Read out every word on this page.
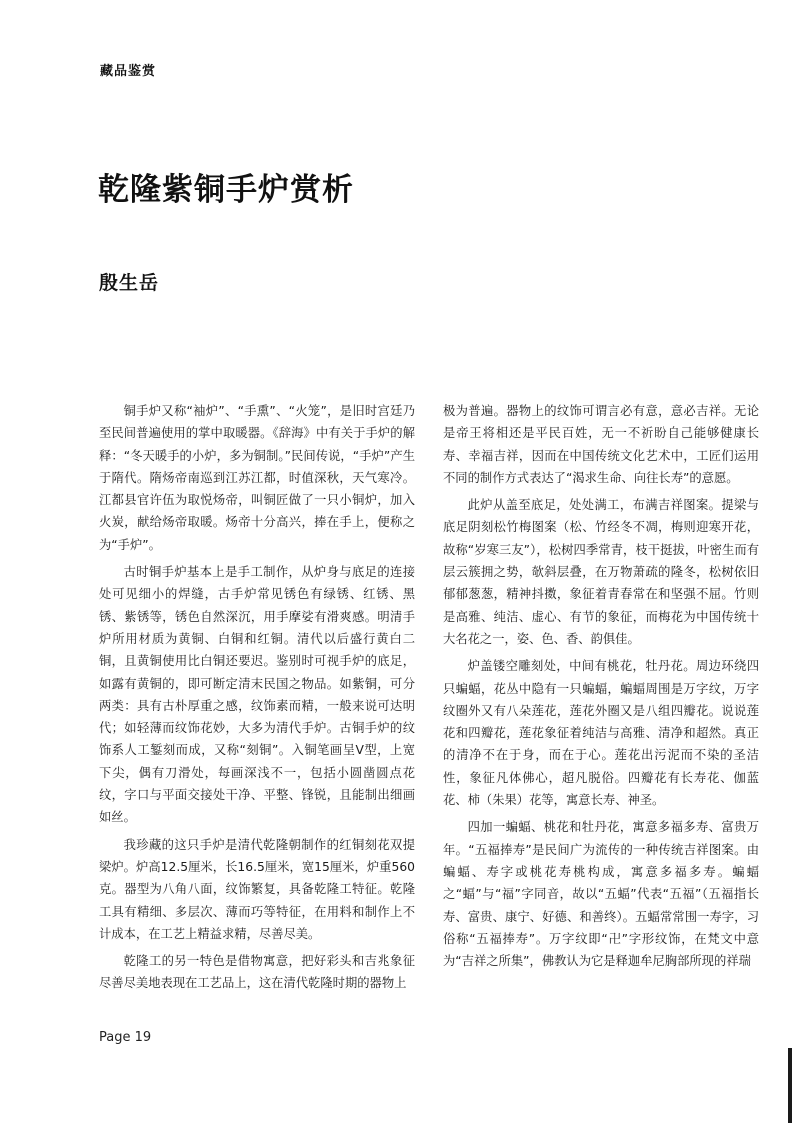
藏品鉴赏
乾隆紫铜手炉赏析
殷生岳

铜手炉又称“袖炉”、“手熏”、“火笼”，是旧时宫廷乃至民间普遍使用的掌中取暖器。《辞海》中有关于手炉的解释：“冬天暖手的小炉，多为铜制。”民间传说，“手炉”产生于隋代。隋炀帝南巡到江苏江都，时值深秋，天气寒冷。江都县官许伍为取悦炀帝，叫铜匠做了一只小铜炉，加入火炭，献给炀帝取暖。炀帝十分高兴，捧在手上，便称之为“手炉”。

古时铜手炉基本上是手工制作，从炉身与底足的连接处可见细小的焊缝，古手炉常见锈色有绿锈、红锈、黑锈、紫锈等，锈色自然深沉，用手摩娑有滑爽感。明清手炉所用材质为黄铜、白铜和红铜。清代以后盛行黄白二铜，且黄铜使用比白铜还要迟。鉴别时可视手炉的底足，如露有黄铜的，即可断定清末民国之物品。如紫铜，可分两类：具有古朴厚重之感，纹饰素而精，一般来说可达明代；如轻薄而纹饰花妙，大多为清代手炉。古铜手炉的纹饰系人工錾刻而成，又称“刻铜”。入铜笔画呈V型，上宽下尖，偶有刀滑处，每画深浅不一，包括小圆凿圆点花纹，字口与平面交接处干净、平整、锋锐，且能制出细画如丝。

我珍藏的这只手炉是清代乾隆朝制作的红铜刻花双提梁炉。炉高12.5厘米，长16.5厘米，宽15厘米，炉重560克。器型为八角八面，纹饰繁复，具备乾隆工特征。乾隆工具有精细、多层次、薄而巧等特征，在用料和制作上不计成本，在工艺上精益求精，尽善尽美。

乾隆工的另一特色是借物寓意，把好彩头和吉兆象征尽善尽美地表现在工艺品上，这在清代乾隆时期的器物上

极为普遍。器物上的纹饰可谓言必有意，意必吉祥。无论是帝王将相还是平民百姓，无一不祈盼自己能够健康长寿、幸福吉祥，因而在中国传统文化艺术中，工匠们运用不同的制作方式表达了“渴求生命、向往长寿”的意愿。

此炉从盖至底足，处处满工，布满吉祥图案。提梁与底足阴刻松竹梅图案（松、竹经冬不凋，梅则迎寒开花，故称“岁寒三友”），松树四季常青，枝干挺拔，叶密生而有层云簇拥之势，欹斜层叠，在万物萧疏的隆冬，松树依旧郁郁葱葱，精神抖擞，象征着青春常在和坚强不屈。竹则是高雅、纯洁、虚心、有节的象征，而梅花为中国传统十大名花之一，姿、色、香、韵俱佳。

炉盖镂空雕刻处，中间有桃花，牡丹花。周边环绕四只蝙蝠，花丛中隐有一只蝙蝠，蝙蝠周围是万字纹，万字纹圈外又有八朵莲花，莲花外圈又是八组四瓣花。说说莲花和四瓣花，莲花象征着纯洁与高雅、清净和超然。真正的清净不在于身，而在于心。莲花出污泥而不染的圣洁性，象征凡体佛心，超凡脱俗。四瓣花有长寿花、伽蓝花、柿（朱果）花等，寓意长寿、神圣。

四加一蝙蝠、桃花和牡丹花，寓意多福多寿、富贵万年。“五福捧寿”是民间广为流传的一种传统吉祥图案。由蝙蝠、寿字或桃花寿桃构成，寓意多福多寿。蝙蝠之“蝠”与“福”字同音，故以“五蝠”代表“五福”（五福指长寿、富贵、康宁、好德、和善终）。五蝠常常围一寿字，习俗称“五福捧寿”。万字纹即“卍”字形纹饰，在梵文中意为“吉祥之所集”，佛教认为它是释迦牟尼胸部所现的祥瑞

Page 19
